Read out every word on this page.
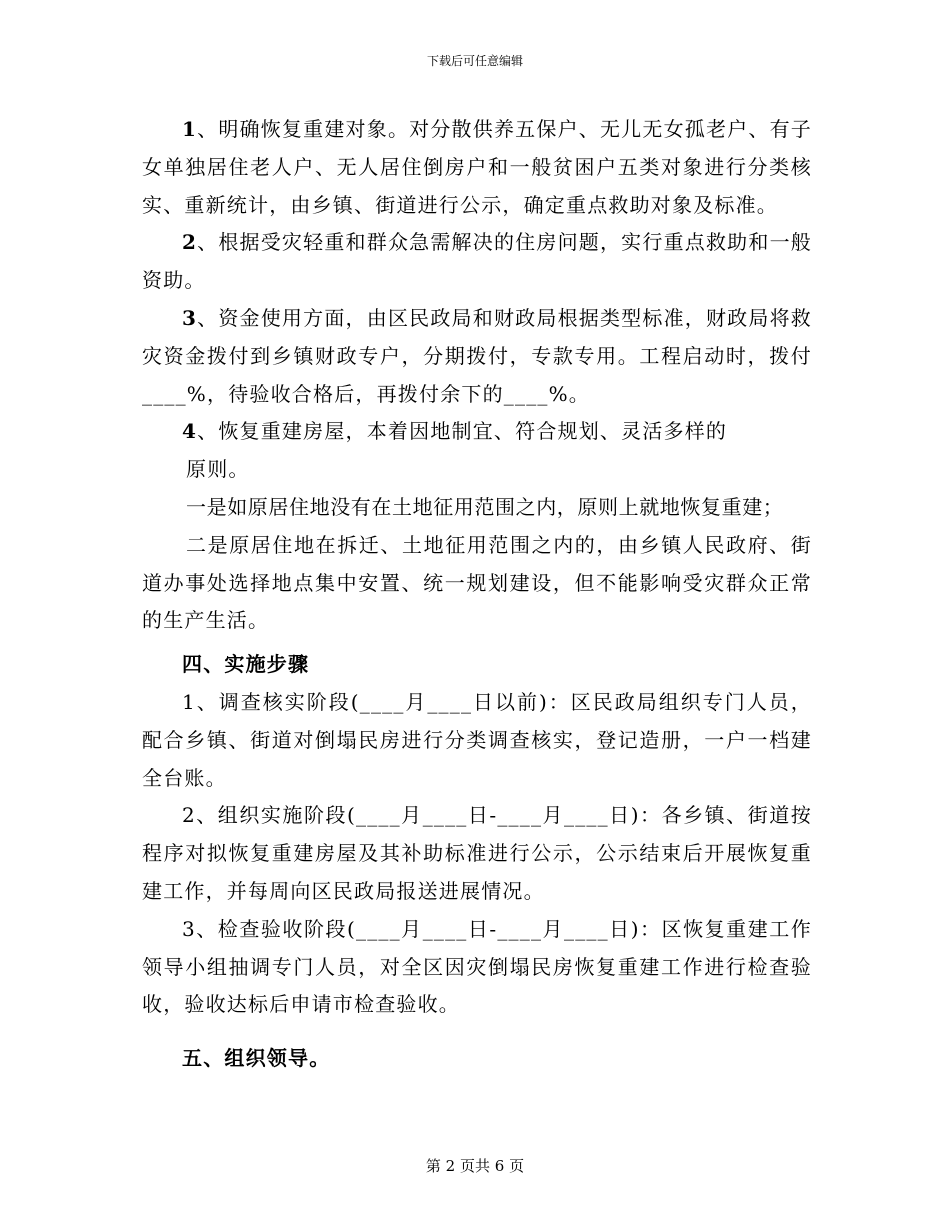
下载后可任意编辑

1、明确恢复重建对象。对分散供养五保户、无儿无女孤老户、有子女单独居住老人户、无人居住倒房户和一般贫困户五类对象进行分类核实、重新统计，由乡镇、街道进行公示，确定重点救助对象及标准。

2、根据受灾轻重和群众急需解决的住房问题，实行重点救助和一般资助。

3、资金使用方面，由区民政局和财政局根据类型标准，财政局将救灾资金拨付到乡镇财政专户，分期拨付，专款专用。工程启动时，拨付____%，待验收合格后，再拨付余下的____%。

4、恢复重建房屋，本着因地制宜、符合规划、灵活多样的

原则。

一是如原居住地没有在土地征用范围之内，原则上就地恢复重建；

二是原居住地在拆迁、土地征用范围之内的，由乡镇人民政府、街道办事处选择地点集中安置、统一规划建设，但不能影响受灾群众正常的生产生活。

四、实施步骤

1、调查核实阶段(____月____日以前)：区民政局组织专门人员，配合乡镇、街道对倒塌民房进行分类调查核实，登记造册，一户一档建全台账。

2、组织实施阶段(____月____日-____月____日)：各乡镇、街道按程序对拟恢复重建房屋及其补助标准进行公示，公示结束后开展恢复重建工作，并每周向区民政局报送进展情况。

3、检查验收阶段(____月____日-____月____日)：区恢复重建工作领导小组抽调专门人员，对全区因灾倒塌民房恢复重建工作进行检查验收，验收达标后申请市检查验收。

五、组织领导。

第 2 页共 6 页
